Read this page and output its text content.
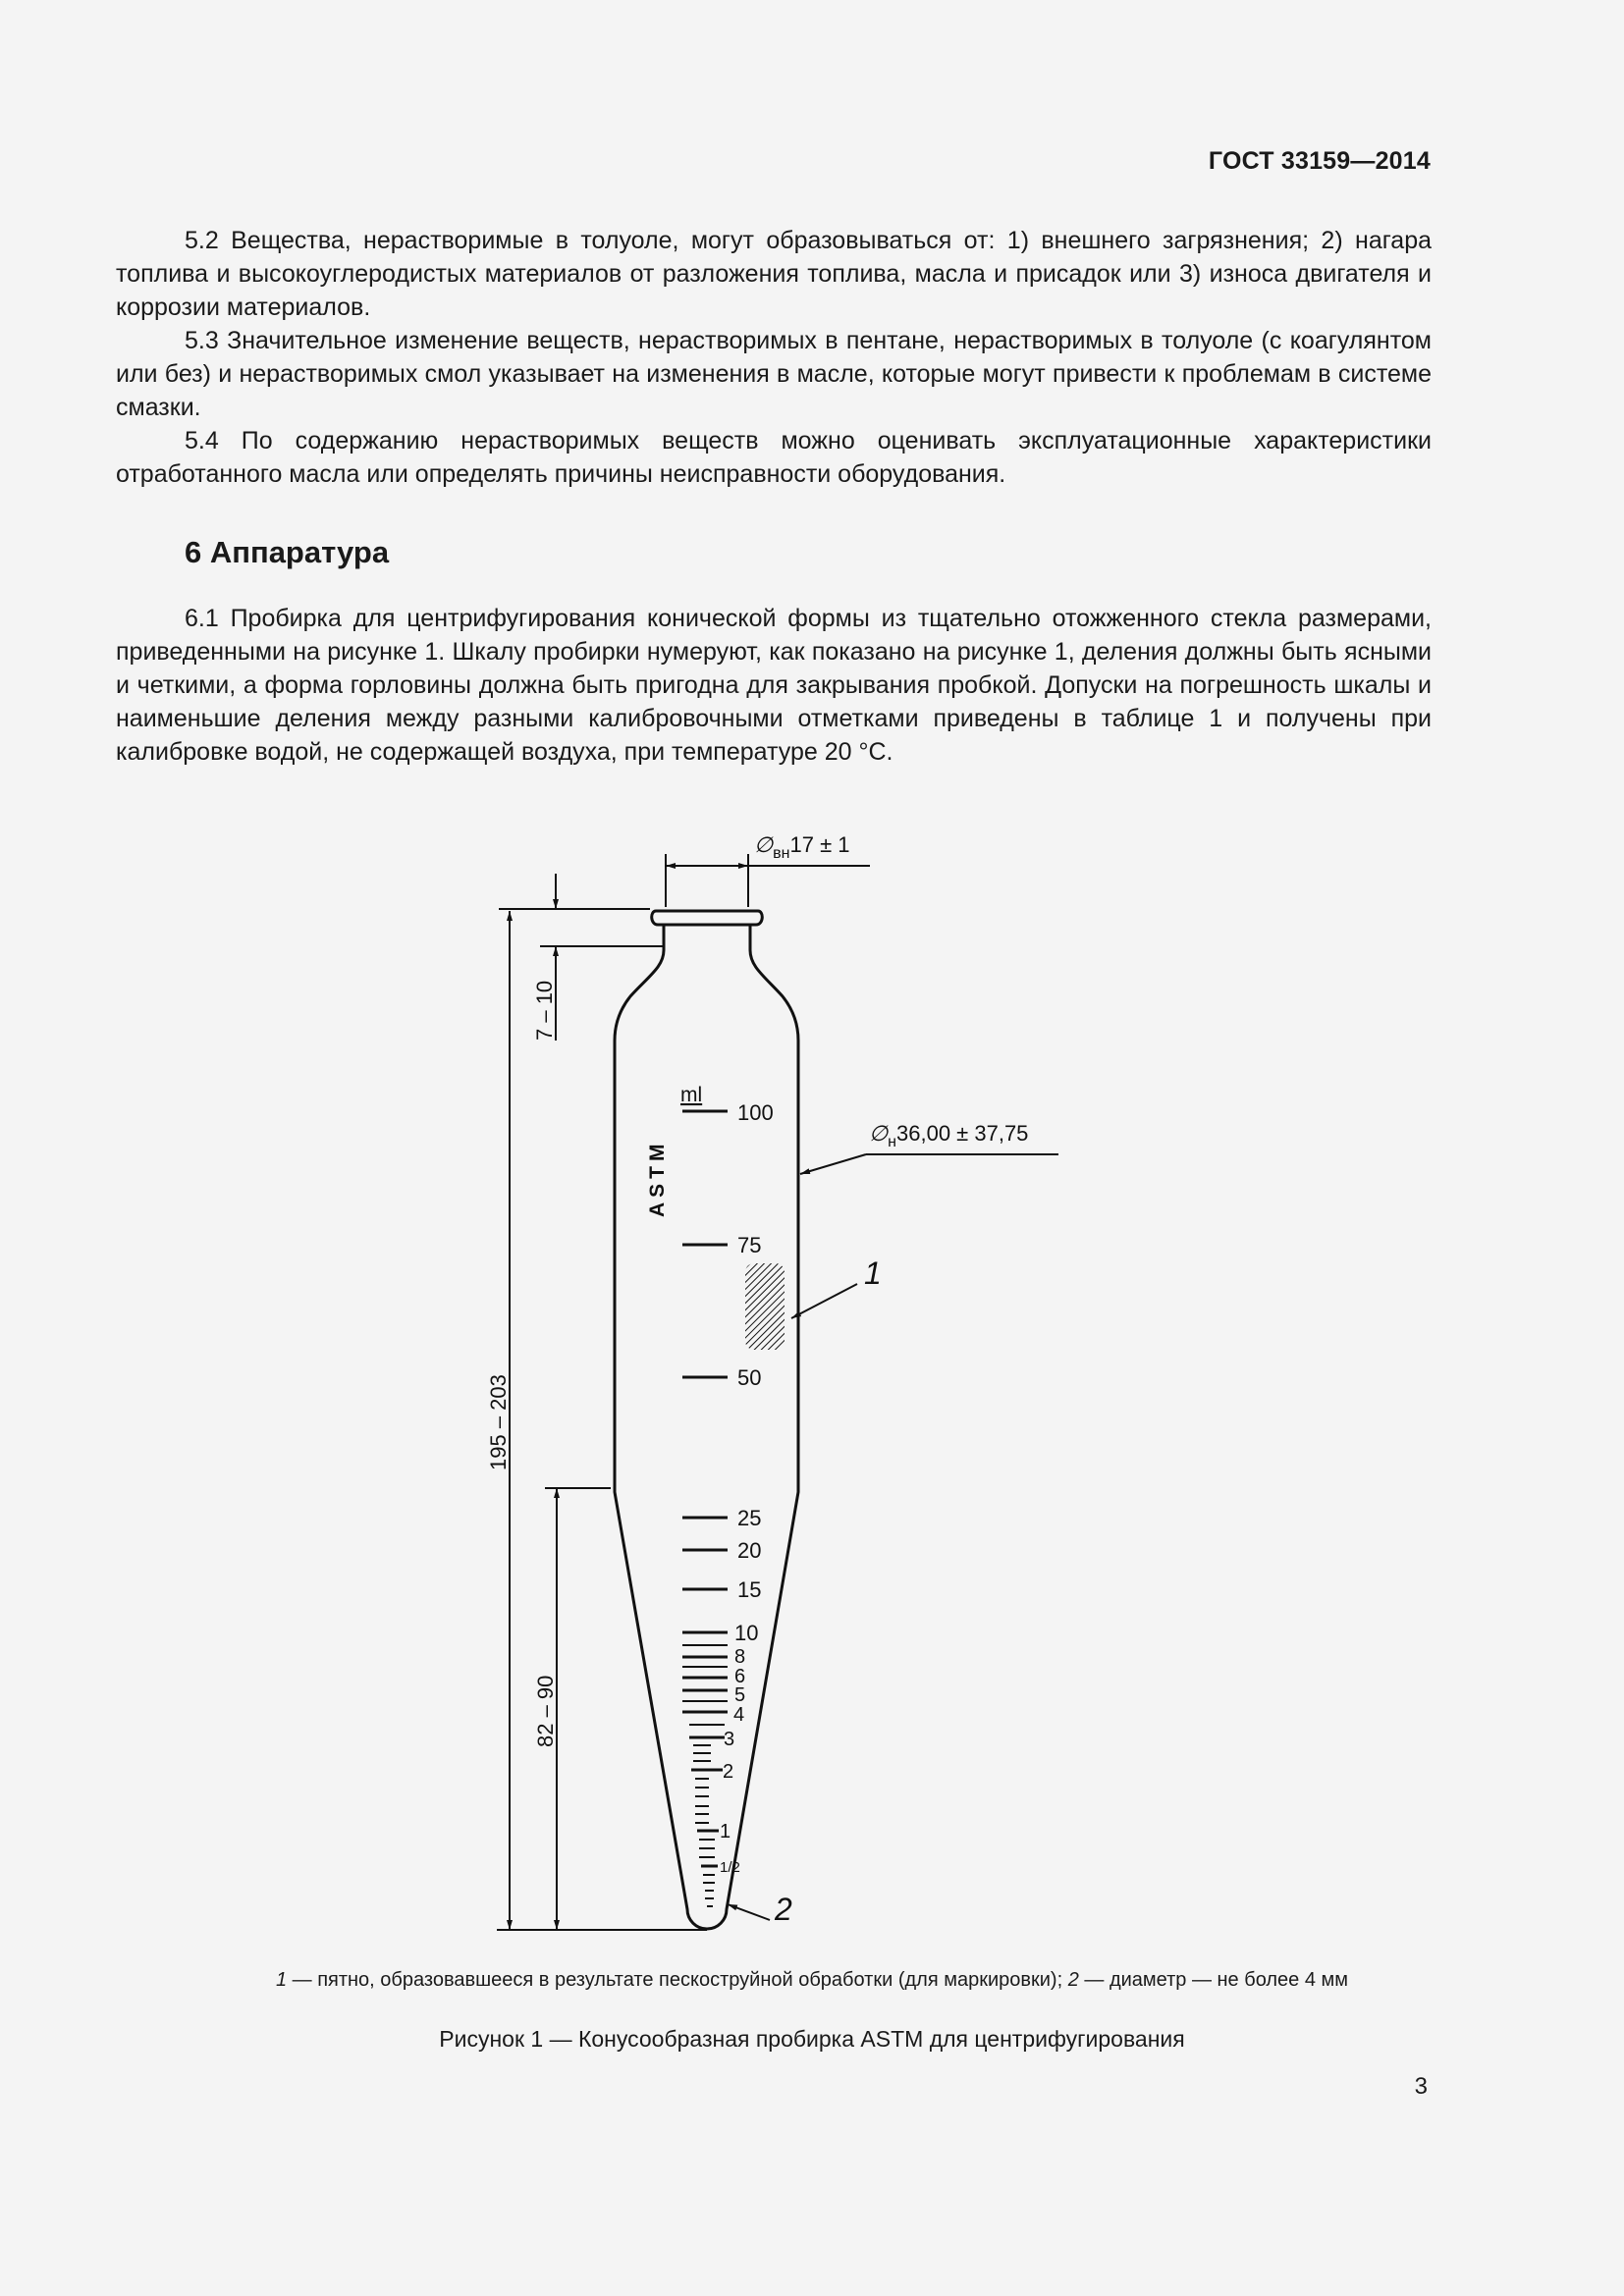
ГОСТ 33159—2014

5.2 Вещества, нерастворимые в толуоле, могут образовываться от: 1) внешнего загрязнения; 2) нагара топлива и высокоуглеродистых материалов от разложения топлива, масла и присадок или 3) износа двигателя и коррозии материалов.

5.3 Значительное изменение веществ, нерастворимых в пентане, нерастворимых в толуоле (с коагулянтом или без) и нерастворимых смол указывает на изменения в масле, которые могут привести к проблемам в системе смазки.

5.4 По содержанию нерастворимых веществ можно оценивать эксплуатационные характеристики отработанного масла или определять причины неисправности оборудования.

6 Аппаратура

6.1 Пробирка для центрифугирования конической формы из тщательно отожженного стекла размерами, приведенными на рисунке 1. Шкалу пробирки нумеруют, как показано на рисунке 1, деления должны быть ясными и четкими, а форма горловины должна быть пригодна для закрывания пробкой. Допуски на погрешность шкалы и наименьшие деления между разными калибровочными отметками приведены в таблице 1 и получены при калибровке водой, не содержащей воздуха, при температуре 20 °С.

ASTM
ml
100
75
50
25
20
15
10
8
6
5
4
3
2
1
1/2
1
2
$\emptyset_{вн}17 \pm 1$
$\emptyset_н36,00 \pm 37,75$
7 – 10
195 – 203
82 – 90
1 — пятно, образовавшееся в результате пескоструйной обработки (для маркировки); 2 — диаметр — не более 4 мм
Рисунок 1 — Конусообразная пробирка ASTM для центрифугирования
3
